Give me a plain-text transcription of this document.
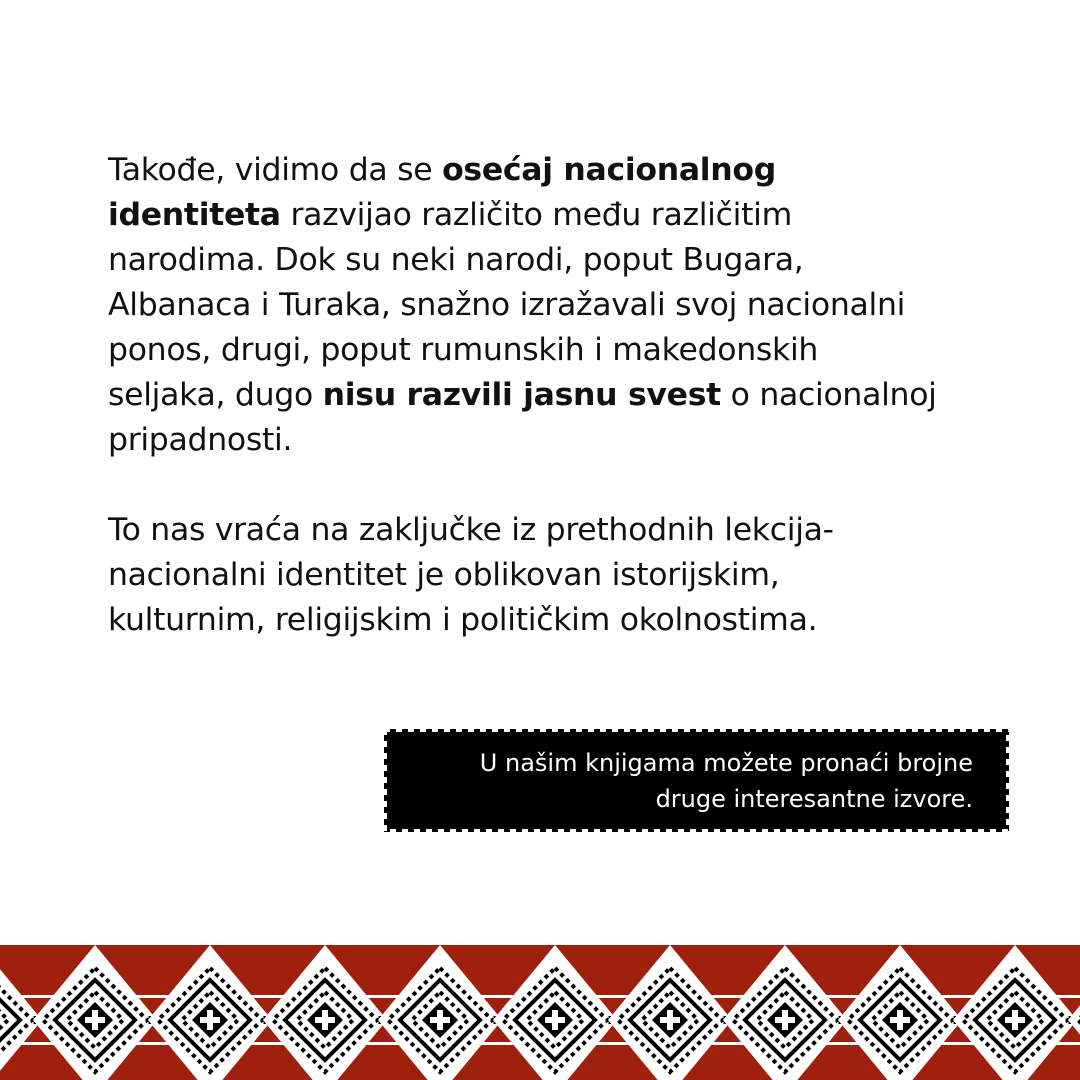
Takođe, vidimo da se osećaj nacionalnog
identiteta razvijao različito među različitim
narodima. Dok su neki narodi, poput Bugara,
Albanaca i Turaka, snažno izražavali svoj nacionalni
ponos, drugi, poput rumunskih i makedonskih
seljaka, dugo nisu razvili jasnu svest o nacionalnoj
pripadnosti.

To nas vraća na zaključke iz prethodnih lekcija-
nacionalni identitet je oblikovan istorijskim,
kulturnim, religijskim i političkim okolnostima.

U našim knjigama možete pronaći brojne
druge interesantne izvore.
